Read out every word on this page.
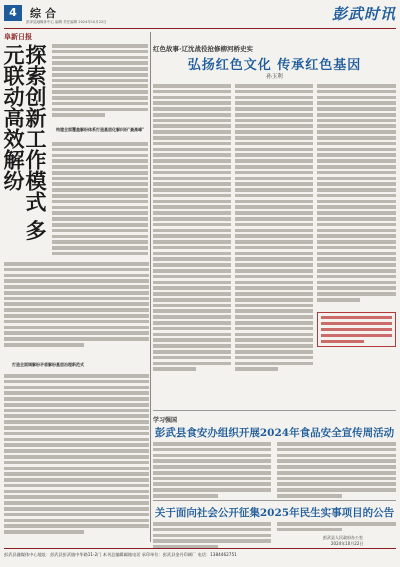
4	综合
彭泽县融媒体中心 编辑 责任编辑 2024年10月22日	彭武时讯
阜新日报
探索创新工作模式 多元联动高效解纷	构建全面覆盖解纷体系打造基层化解纠纷"最高峰"
打造全面调解纷矛盾解纷基层治理新范式
红色故事·辽沈战役抢修柳河桥史实
弘扬红色文化 传承红色基因
孙玉利
学习强国
彭武县食安办组织开展2024年食品安全宣传周活动
关于面向社会公开征集2025年民生实事项目的公告
彭武县人民政府办公室
2024年10月22日
彭武县融媒体中心地址：彭武县彭武镇中华路11-2门 本刊总编辑邮箱电话 承印单位：彭武县金丹印刷厂 电话：1384462751
